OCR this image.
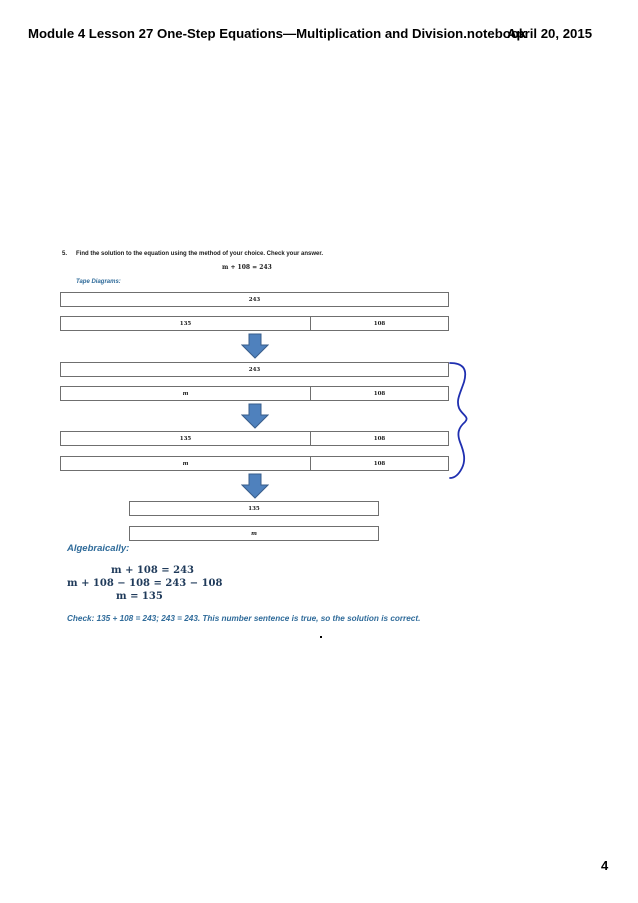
Module 4 Lesson 27 One-Step Equations—Multiplication and Division.notebook
April 20, 2015
5. Find the solution to the equation using the method of your choice. Check your answer.
m + 108 = 243
Tape Diagrams:
243
135	108
243
m	108
135	108
m	108
135
m
Algebraically:
m + 108 = 243
m + 108 − 108 = 243 − 108
m = 135
Check: 135 + 108 = 243; 243 = 243. This number sentence is true, so the solution is correct.
4
